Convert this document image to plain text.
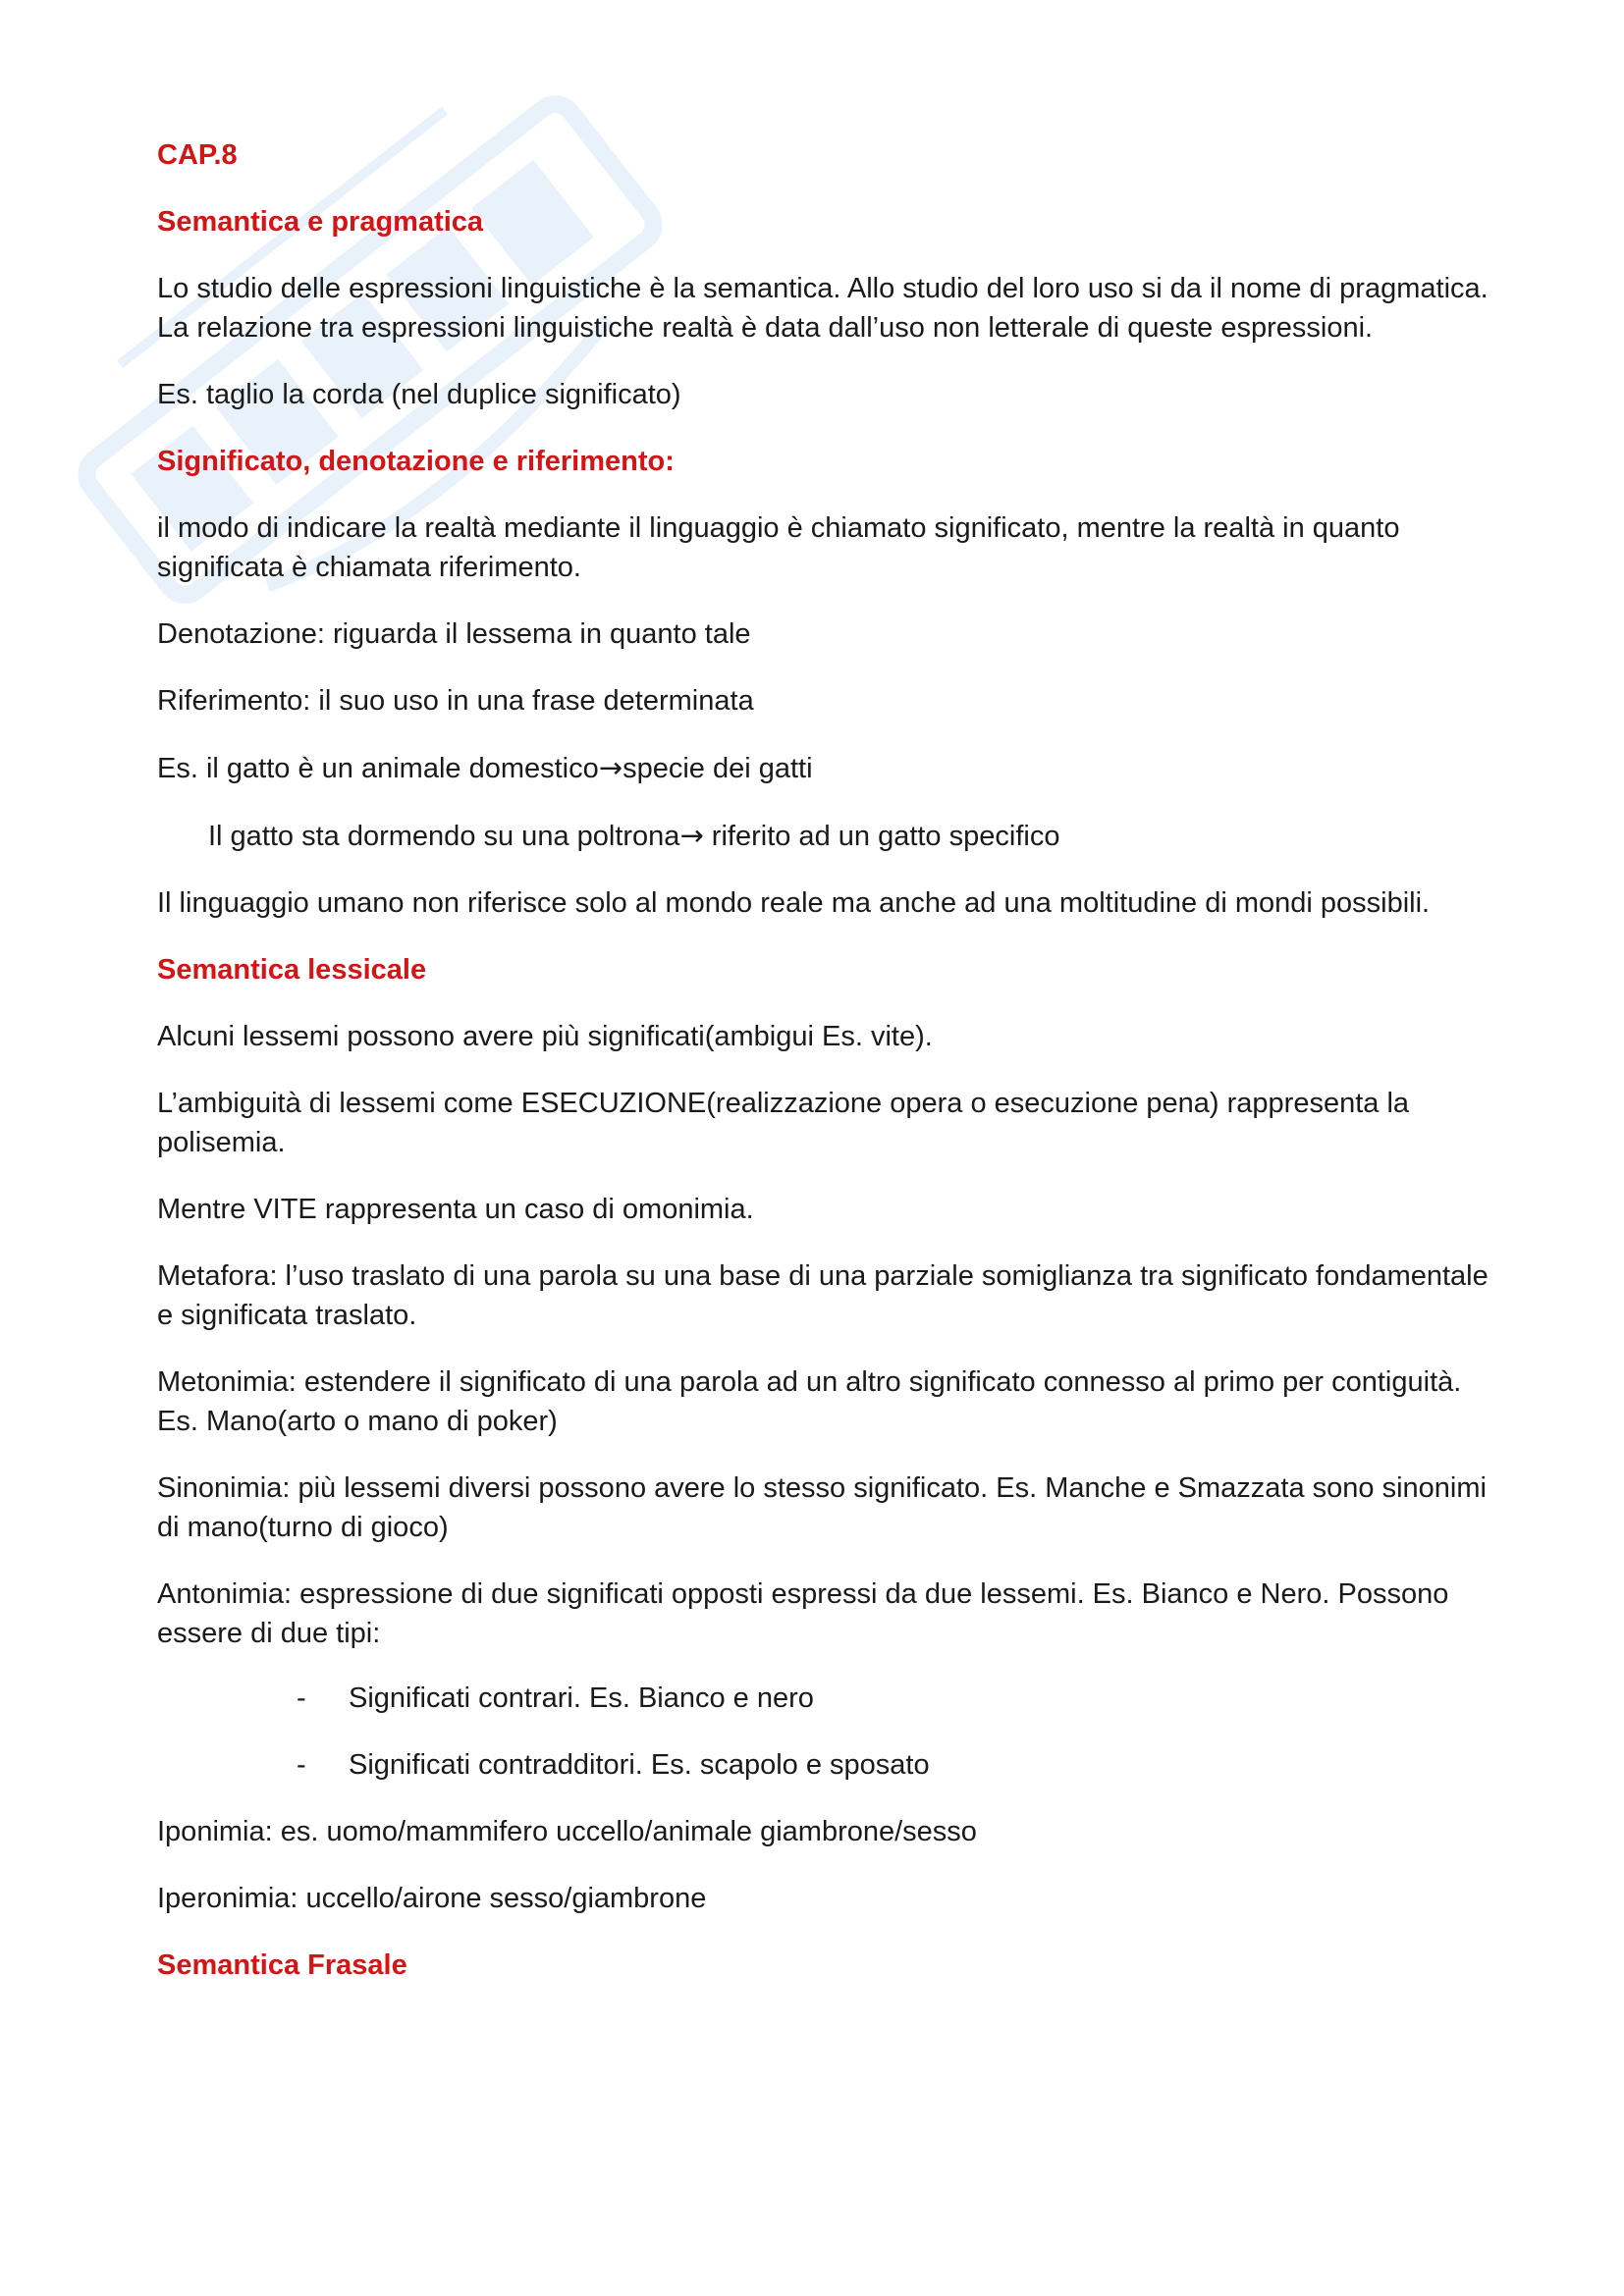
CAP.8
Semantica e pragmatica
Lo studio delle espressioni linguistiche è la semantica. Allo studio del loro uso si da il nome di pragmatica. La relazione tra espressioni linguistiche realtà è data dall’uso non letterale di queste espressioni.
Es. taglio la corda (nel duplice significato)
Significato, denotazione e riferimento:
il modo di indicare la realtà mediante il linguaggio è chiamato significato, mentre la realtà in quanto significata è chiamata riferimento.
Denotazione: riguarda il lessema in quanto tale
Riferimento: il suo uso in una frase determinata
Es. il gatto è un animale domestico→specie dei gatti
Il gatto sta dormendo su una poltrona→ riferito ad un gatto specifico
Il linguaggio umano non riferisce solo al mondo reale ma anche ad una moltitudine di mondi possibili.
Semantica lessicale
Alcuni lessemi possono avere più significati(ambigui Es. vite).
L’ambiguità di lessemi come ESECUZIONE(realizzazione opera o esecuzione pena) rappresenta la polisemia.
Mentre VITE rappresenta un caso di omonimia.
Metafora: l’uso traslato di una parola su una base di una parziale somiglianza tra significato fondamentale e significata traslato.
Metonimia: estendere il significato di una parola ad un altro significato connesso al primo per contiguità. Es. Mano(arto o mano di poker)
Sinonimia: più lessemi diversi possono avere lo stesso significato. Es. Manche e Smazzata sono sinonimi di mano(turno di gioco)
Antonimia: espressione di due significati opposti espressi da due lessemi. Es. Bianco e Nero. Possono essere di due tipi:
-	Significati contrari. Es. Bianco e nero
-	Significati contradditori. Es. scapolo e sposato
Iponimia: es. uomo/mammifero uccello/animale giambrone/sesso
Iperonimia: uccello/airone sesso/giambrone
Semantica Frasale
